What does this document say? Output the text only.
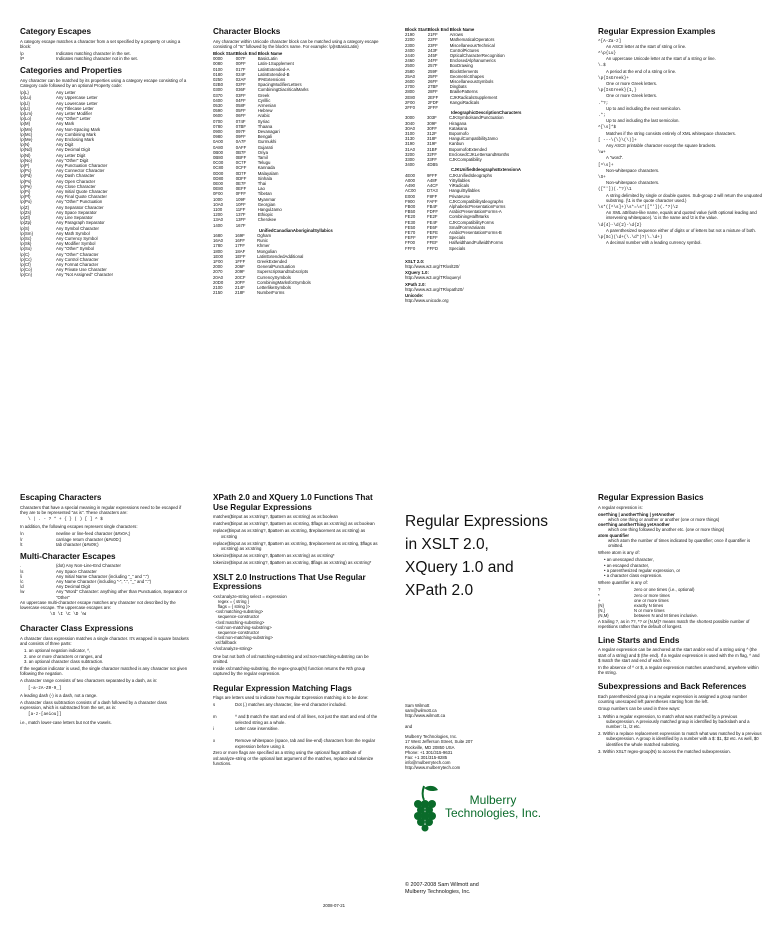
Category Escapes

A category escape matches a character from a set specified by a property or using a block:

\p	Indicates matching character in the set.
\P	Indicates matching character not in the set.
Categories and Properties

Any character can be matched by its properties using a category escape consisting of a Category code followed by an optional Property code:

\p{L}	Any Letter
\p{Lu}	Any Uppercase Letter
\p{Ll}	Any Lowercase Letter
\p{Lt}	Any Titlecase Letter
\p{Lm}	Any Letter Modifier
\p{Lo}	Any "Other" Letter
\p{M}	Any Mark
\p{Mn}	Any Non-Spacing Mark
\p{Mc}	Any Combining Mark
\p{Me}	Any Enclosing Mark
\p{N}	Any Digit
\p{Nd}	Any Decimal Digit
\p{Nl}	Any Letter Digit
\p{No}	Any "Other" Digit
\p{P}	Any Punctuation Character
\p{Pc}	Any Connector Character
\p{Pd}	Any Dash Character
\p{Ps}	Any Open Character
\p{Pe}	Any Close Character
\p{Pi}	Any Initial Quote Character
\p{Pf}	Any Final Quote Character
\p{Po}	Any "Other" Punctuation
\p{Z}	Any Separator Character
\p{Zs}	Any Space Separator
\p{Zl}	Any Line Separator
\p{Zp}	Any Paragraph Separator
\p{S}	Any Symbol Character
\p{Sm}	Any Math Symbol
\p{Sc}	Any Currency Symbol
\p{Sk}	Any Modifier Symbol
\p{So}	Any "Other" Symbol
\p{C}	Any "Other" Character
\p{Cc}	Any Control Character
\p{Cf}	Any Format Character
\p{Co}	Any Private Use Character
\p{Cn}	Any "Not Assigned" Character
Character Blocks

Any character within Unicode character block can be matched using a category escape consisting of "Is" followed by the block's name. For example: \p{IsBasicLatin}

Block Start	Block End	Block Name
0000	007F	BasicLatin
0080	00FF	Latin-1Supplement
0100	017F	LatinExtended-A
0180	024F	LatinExtended-B
0250	02AF	IPAExtensions
02B0	02FF	SpacingModifierLetters
0300	036F	CombiningDiacriticalMarks
0370	03FF	Greek
0400	04FF	Cyrillic
0530	058F	Armenian
0590	05FF	Hebrew
0600	06FF	Arabic
0700	074F	Syriac
0780	07BF	Thaana
0900	097F	Devanagari
0980	09FF	Bengali
0A00	0A7F	Gurmukhi
0A80	0AFF	Gujarati
0B00	0B7F	Oriya
0B80	0BFF	Tamil
0C00	0C7F	Telugu
0C80	0CFF	Kannada
0D00	0D7F	Malayalam
0D80	0DFF	Sinhala
0E00	0E7F	Thai
0E80	0EFF	Lao
0F00	0FFF	Tibetan
1000	109F	Myanmar
10A0	10FF	Georgian
1100	11FF	HangulJamo
1200	137F	Ethiopic
13A0	13FF	Cherokee
1400	167F	
UnifiedCanadianAboriginalSyllabics
1680	169F	Ogham
16A0	16FF	Runic
1780	17FF	Khmer
1800	18AF	Mongolian
1E00	1EFF	LatinExtendedAdditional
1F00	1FFF	GreekExtended
2000	206F	GeneralPunctuation
2070	209F	SuperscriptsandSubscripts
20A0	20CF	CurrencySymbols
20D0	20FF	CombiningMarksforSymbols
2100	214F	LetterlikeSymbols
2150	218F	NumberForms
Block Start	Block End	Block Name
2190	21FF	Arrows
2200	22FF	MathematicalOperators
2300	23FF	MiscellaneousTechnical
2400	243F	ControlPictures
2440	245F	OpticalCharacterRecognition
2460	24FF	EnclosedAlphanumerics
2500	257F	BoxDrawing
2580	259F	BlockElements
25A0	25FF	GeometricShapes
2600	26FF	MiscellaneousSymbols
2700	27BF	Dingbats
2800	28FF	BraillePatterns
2E80	2EFF	CJKRadicalsSupplement
2F00	2FDF	KangxiRadicals
2FF0	2FFF	
IdeographicDescriptionCharacters
3000	303F	CJKSymbolsandPunctuation
3040	309F	Hiragana
30A0	30FF	Katakana
3100	312F	Bopomofo
3130	318F	HangulCompatibilityJamo
3190	319F	Kanbun
31A0	31BF	BopomofoExtended
3200	32FF	EnclosedCJKLettersandMonths
3300	33FF	CJKCompatibility
3400	4DB5	
CJKUnifiedIdeographsExtensionA
4E00	9FFF	CJKUnifiedIdeographs
A000	A48F	YiSyllables
A490	A4CF	YiRadicals
AC00	D7A3	HangulSyllables
E000	F8FF	PrivateUse
F900	FAFF	CJKCompatibilityIdeographs
FB00	FB4F	AlphabeticPresentationForms
FB50	FDFF	ArabicPresentationForms-A
FE20	FE2F	CombiningHalfMarks
FE30	FE4F	CJKCompatibilityForms
FE50	FE6F	SmallFormVariants
FE70	FEFE	ArabicPresentationForms-B
FEFF	FEFF	Specials
FF00	FFEF	HalfwidthandFullwidthForms
FFF0	FFFD	Specials
XSLT 2.0:
http://www.w3.org/TR/xslt20/
XQuery 1.0:
http://www.w3.org/TR/xquery/
XPath 2.0:
http://www.w3.org/TR/xpath20/
Unicode:
http://www.unicode.org
Regular Expression Examples
^[A-Za-z]
An ASCII letter at the start of string or line.
^\p{Lu}
An uppercase Unicode letter at the start of a string or line.
\.$
A period at the end of a string or line.
\p{IsGreek}+
One or more Greek letters.
\p{IsGreek}{1,}
One or more Greek letters.
.*?;
Up to and including the next semicolon.
.*;
Up to and including the last semicolon.
^[\s]*$
Matches if the string consists entirely of XML whitespace characters.
[ ---\{\}\(\)]+
Any ASCII printable character except the square brackets.
\w+
A "word".
[^\s]+
Non-whitespace characters.
\S+
Non-whitespace characters.
(["'])(.*?)\1
A string delimited by single or double quotes. Sub-group 2 will return the unquoted substring. (\1 is the quote character used.)
\s*([^\s]+)\s*=\s*(["'])(.*?)\2
An XML attribute-like name, equals and quoted value (with optional leading and intervening whitespace). \1 is the name and \3 is the value.
\d{4}-\d{2}-\d{2}
A parenthesized sequence either of digits or of letters but not a mixture of both.
\p{Sc}(\d+(\.\d*)?|\.\d+)
A decimal number with a leading currency symbol.
Escaping Characters

Characters that have a special meaning in regular expressions need to be escaped if they are to be represented "as is". These characters are:

\ | . - ? * + { } ( ) [ ] ^ $

In addition, the following escapes represent single characters:

\n	newline or line-feed character (&#x0A;)
\r	carriage return character (&#x0D;)
\t	tab character (&#x09;)
Multi-Character Escapes
.	(dot) Any Non-Line-End Character
\s	Any Space Character
\i	Any Initial Name Character (including "_" and ":")
\c	Any Name Character (including "-", ".", "_" and ":")
\d	Any Decimal Digit
\w	Any "Word" Character: anything other than Punctuation, Separator or "Other"

An uppercase multi-character escape matches any character not described by the lowercase escape. The uppercase escapes are:

\S \I \C \D \W

Character Class Expressions

A character class expression matches a single character. It's wrapped in square brackets and consists of three parts:

1. an optional negation indicator, ^,
2. one or more characters or ranges, and
3. an optional character class subtraction.

If the negation indicator is used, the single character matched is any character not given following the negation.

A character range consists of two characters separated by a dash, as in:

[-a-zA-Z0-9_]

A leading dash (-) is a dash, not a range.

A character class subtraction consists of a dash followed by a character class expression, which is subtracted from the set, as in:

[a-z-[aeiou]]

i.e., match lower-case letters but not the vowels.

XPath 2.0 and XQuery 1.0 Functions That Use Regular Expressions
matches($input as xs:string?, $pattern as xs:string) as xs:boolean
matches($input as xs:string?, $pattern as xs:string, $flags as xs:string) as xs:boolean
replace($input as xs:string?, $pattern as xs:string, $replacement as xs:string) as xs:string
replace($input as xs:string?, $pattern as xs:string, $replacement as xs:string, $flags as xs:string) as xs:string
tokenize($input as xs:string?, $pattern as xs:string) as xs:string*
tokenize($input as xs:string?, $pattern as xs:string, $flags as xs:string) as xs:string*
XSLT 2.0 Instructions That Use Regular Expressions
<xsl:analyze-string select = expression
regex = { string }
flags = { string }>
<xsl:matching-substring>
sequence-constructor
</xsl:matching-substring>
<xsl:non-matching-substring>
sequence-constructor
</xsl:non-matching-substring>
xsl:fallback
</xsl:analyze-string>

One but not both of xsl:matching-substring and xsl:non-matching-substring can be omitted.

Inside xsl:matching-substring, the regex-group(N) function returns the Nth group captured by the regular expression.

Regular Expression Matching Flags

Flags are letters used to indicate how Regular Expression matching is to be done:

s	Dot (.) matches any character, line-end character included.
m	^ and $ match the start and end of all lines, not just the start and end of the selected string as a whole.
i	Letter case insensitive.
x	Remove whitespace (space, tab and line-end) characters from the regular expression before using it.

Zero or more flags are specified as a string using the optional flags attribute of xsl:analyze-string or the optional last argument of the matches, replace and tokenize functions.

2008-07-21
Regular Expressions
in XSLT 2.0,
XQuery 1.0 and
XPath 2.0
Sam Wilmott
sam@wilmott.ca
http://www.wilmott.ca
and
Mulberry Technologies, Inc.
17 West Jefferson Street, Suite 207
Rockville, MD 20850 USA
Phone: +1 301/315-9631
Fax: +1 301/315-8285
info@mulberrytech.com
http://www.mulberrytech.com
Mulberry
Technologies, Inc.
© 2007-2008 Sam Wilmott and
Mulberry Technologies, Inc.
Regular Expression Basics

A regular expression is:

oneThing | anotherThing | yetAnother
which one thing or another or another (one or more things)
oneThing anotherThing yetAnother
which one thing followed by another etc. (one or more things)
atom quantifier
which atom the number of times indicated by quantifier; once if quantifier is omitted.

Where atom is any of:

• an unescaped character,
• an escaped character,
• a parenthesized regular expression, or
• a character class expression.

Where quantifier is any of:

?	zero or one times (i.e., optional)
*	zero or more times
+	one or more times
{N}	exactly N times
{N,}	N or more times
{N,M}	between N and M times inclusive.

A trailing ?, as in ??, *? or {N,M}? means match the shortest possible number of repetitions rather than the default of longest.

Line Starts and Ends

A regular expression can be anchored at the start and/or end of a string using ^ (the start of a string) and $ (the end). If a regular expression is used with the m flag, ^ and $ match the start and end of each line.

In the absence of ^ or $, a regular expression matches unanchored, anywhere within the string.

Subexpressions and Back References

Each parenthesized group in a regular expression is assigned a group number counting unescaped left parentheses starting from the left.

Group numbers can be used in three ways:

1. Within a regular expression, to match what was matched by a previous subexpression. A previously matched group is identified by backslash and a number: \1, \2 etc.
2. Within a replace replacement expression to match what was matched by a previous subexpression. A group is identified by a number with a $: $1, $2 etc. As well, $0 identifies the whole matched substring.
3. Within XSLT regex-group(N) to access the matched subexpression.
